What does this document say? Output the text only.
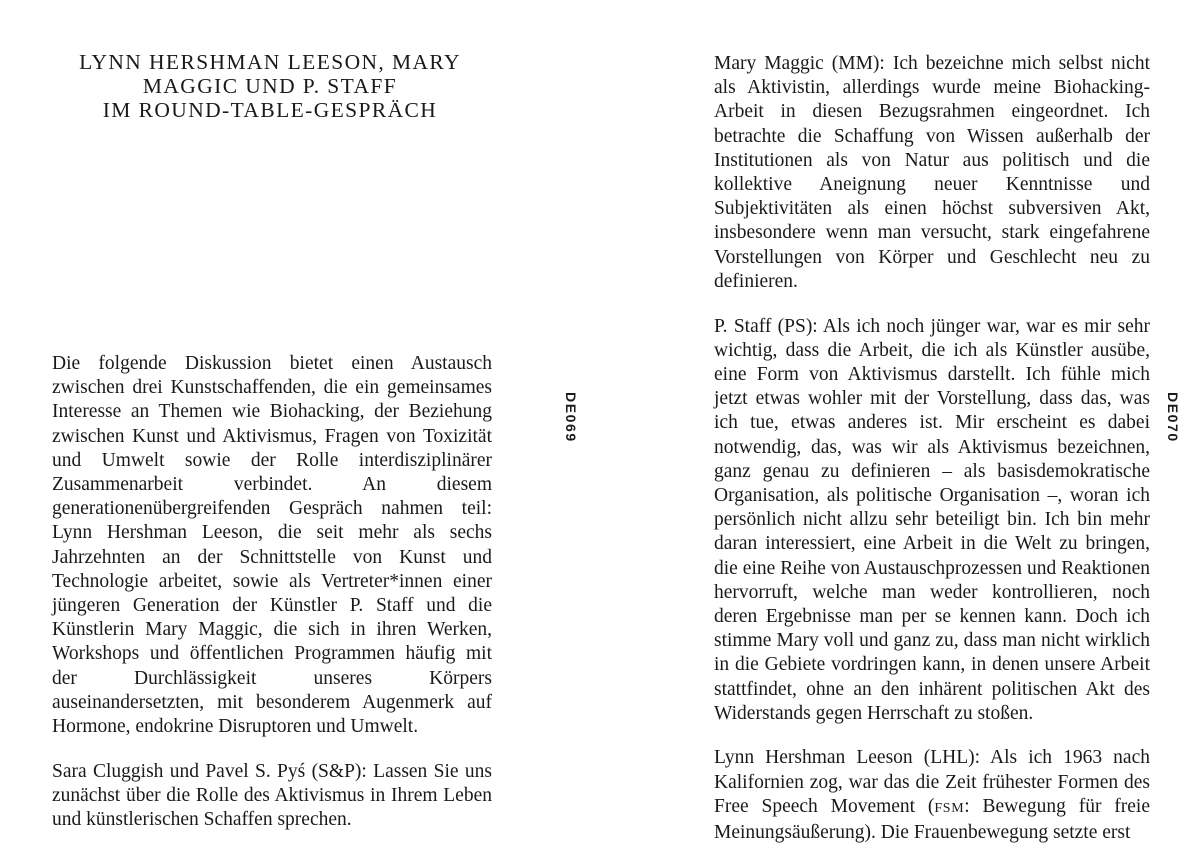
LYNN HERSHMAN LEESON, MARY
MAGGIC UND P. STAFF
IM ROUND-TABLE-GESPRÄCH

Die folgende Diskussion bietet einen Austausch zwischen drei Kunstschaffenden, die ein gemeinsames Interesse an Themen wie Biohacking, der Beziehung zwischen Kunst und Aktivismus, Fragen von Toxizität und Umwelt sowie der Rolle interdisziplinärer Zusammenarbeit verbindet. An diesem generationenübergreifenden Gespräch nahmen teil: Lynn Hershman Leeson, die seit mehr als sechs Jahrzehnten an der Schnittstelle von Kunst und Technologie arbeitet, sowie als Vertreter*innen einer jüngeren Generation der Künstler P. Staff und die Künstlerin Mary Maggic, die sich in ihren Werken, Workshops und öffentlichen Programmen häufig mit der Durchlässigkeit unseres Körpers auseinandersetzten, mit besonderem Augenmerk auf Hormone, endokrine Disruptoren und Umwelt.

Sara Cluggish und Pavel S. Pyś (S&P): Lassen Sie uns zunächst über die Rolle des Aktivismus in Ihrem Leben und künstlerischen Schaffen sprechen.

DE069

Mary Maggic (MM): Ich bezeichne mich selbst nicht als Aktivistin, allerdings wurde meine Biohacking-Arbeit in diesen Bezugsrahmen eingeordnet. Ich betrachte die Schaffung von Wissen außerhalb der Institutionen als von Natur aus politisch und die kollektive Aneignung neuer Kenntnisse und Subjektivitäten als einen höchst subversiven Akt, insbesondere wenn man versucht, stark eingefahrene Vorstellungen von Körper und Geschlecht neu zu definieren.

P. Staff (PS): Als ich noch jünger war, war es mir sehr wichtig, dass die Arbeit, die ich als Künstler ausübe, eine Form von Aktivismus darstellt. Ich fühle mich jetzt etwas wohler mit der Vorstellung, dass das, was ich tue, etwas anderes ist. Mir erscheint es dabei notwendig, das, was wir als Aktivismus bezeichnen, ganz genau zu definieren – als basisdemokratische Organisation, als politische Organisation –, woran ich persönlich nicht allzu sehr beteiligt bin. Ich bin mehr daran interessiert, eine Arbeit in die Welt zu bringen, die eine Reihe von Austauschprozessen und Reaktionen hervorruft, welche man weder kontrollieren, noch deren Ergebnisse man per se kennen kann. Doch ich stimme Mary voll und ganz zu, dass man nicht wirklich in die Gebiete vordringen kann, in denen unsere Arbeit stattfindet, ohne an den inhärent politischen Akt des Widerstands gegen Herrschaft zu stoßen.

Lynn Hershman Leeson (LHL): Als ich 1963 nach Kalifornien zog, war das die Zeit frühester Formen des Free Speech Movement (FSM: Bewegung für freie Meinungsäußerung). Die Frauenbewegung setzte erst

DE070
